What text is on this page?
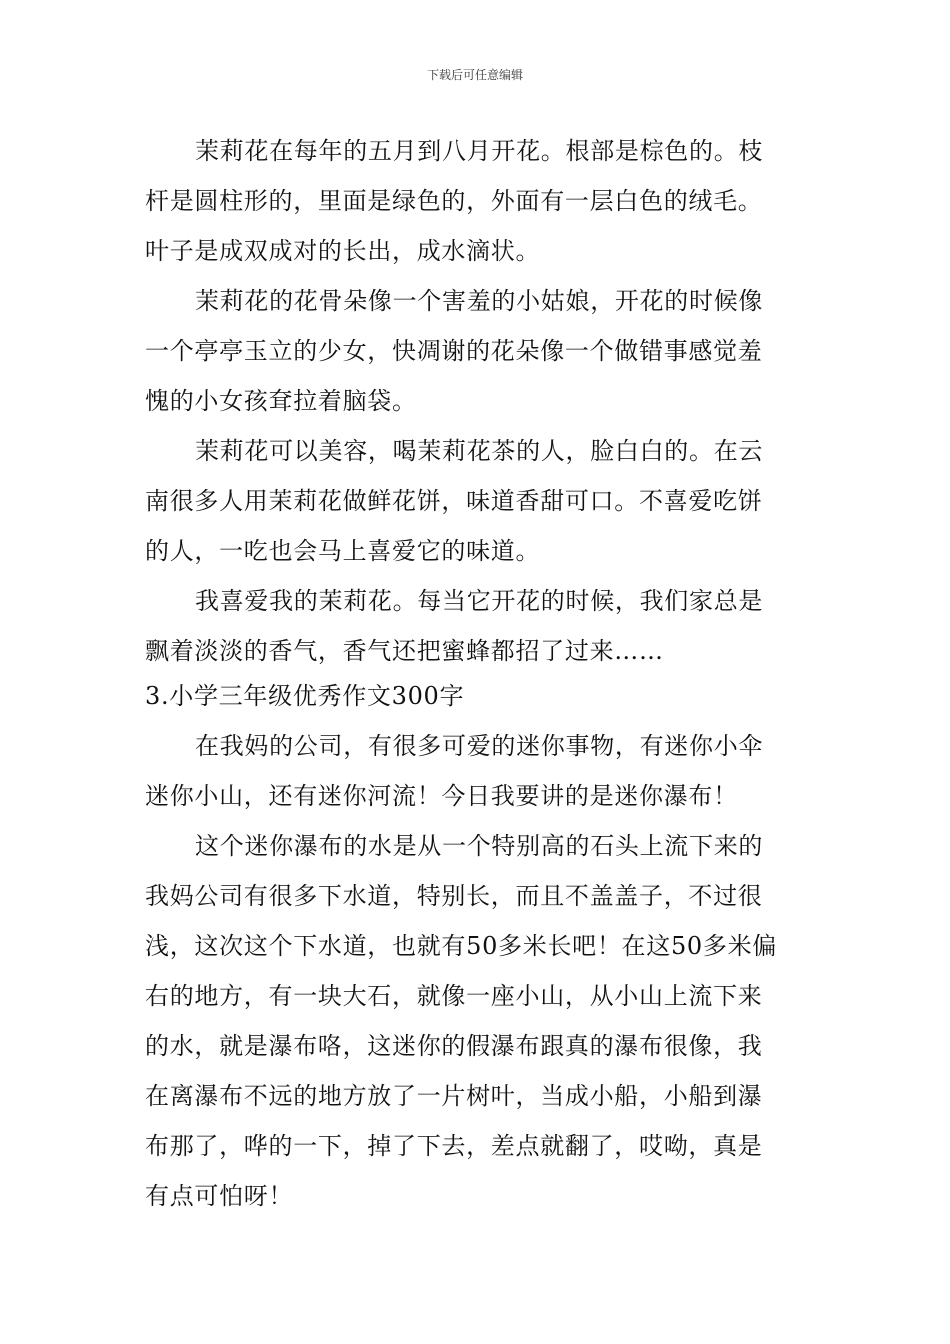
下载后可任意编辑
茉莉花在每年的五月到八月开花。根部是棕色的。枝
杆是圆柱形的，里面是绿色的，外面有一层白色的绒毛。
叶子是成双成对的长出，成水滴状。
茉莉花的花骨朵像一个害羞的小姑娘，开花的时候像
一个亭亭玉立的少女，快凋谢的花朵像一个做错事感觉羞
愧的小女孩耷拉着脑袋。
茉莉花可以美容，喝茉莉花茶的人，脸白白的。在云
南很多人用茉莉花做鲜花饼，味道香甜可口。不喜爱吃饼
的人，一吃也会马上喜爱它的味道。
我喜爱我的茉莉花。每当它开花的时候，我们家总是
飘着淡淡的香气，香气还把蜜蜂都招了过来……
3.小学三年级优秀作文300字
在我妈的公司，有很多可爱的迷你事物，有迷你小伞
迷你小山，还有迷你河流！今日我要讲的是迷你瀑布！
这个迷你瀑布的水是从一个特别高的石头上流下来的
我妈公司有很多下水道，特别长，而且不盖盖子，不过很
浅，这次这个下水道，也就有50多米长吧！在这50多米偏
右的地方，有一块大石，就像一座小山，从小山上流下来
的水，就是瀑布咯，这迷你的假瀑布跟真的瀑布很像，我
在离瀑布不远的地方放了一片树叶，当成小船，小船到瀑
布那了，哗的一下，掉了下去，差点就翻了，哎呦，真是
有点可怕呀！
